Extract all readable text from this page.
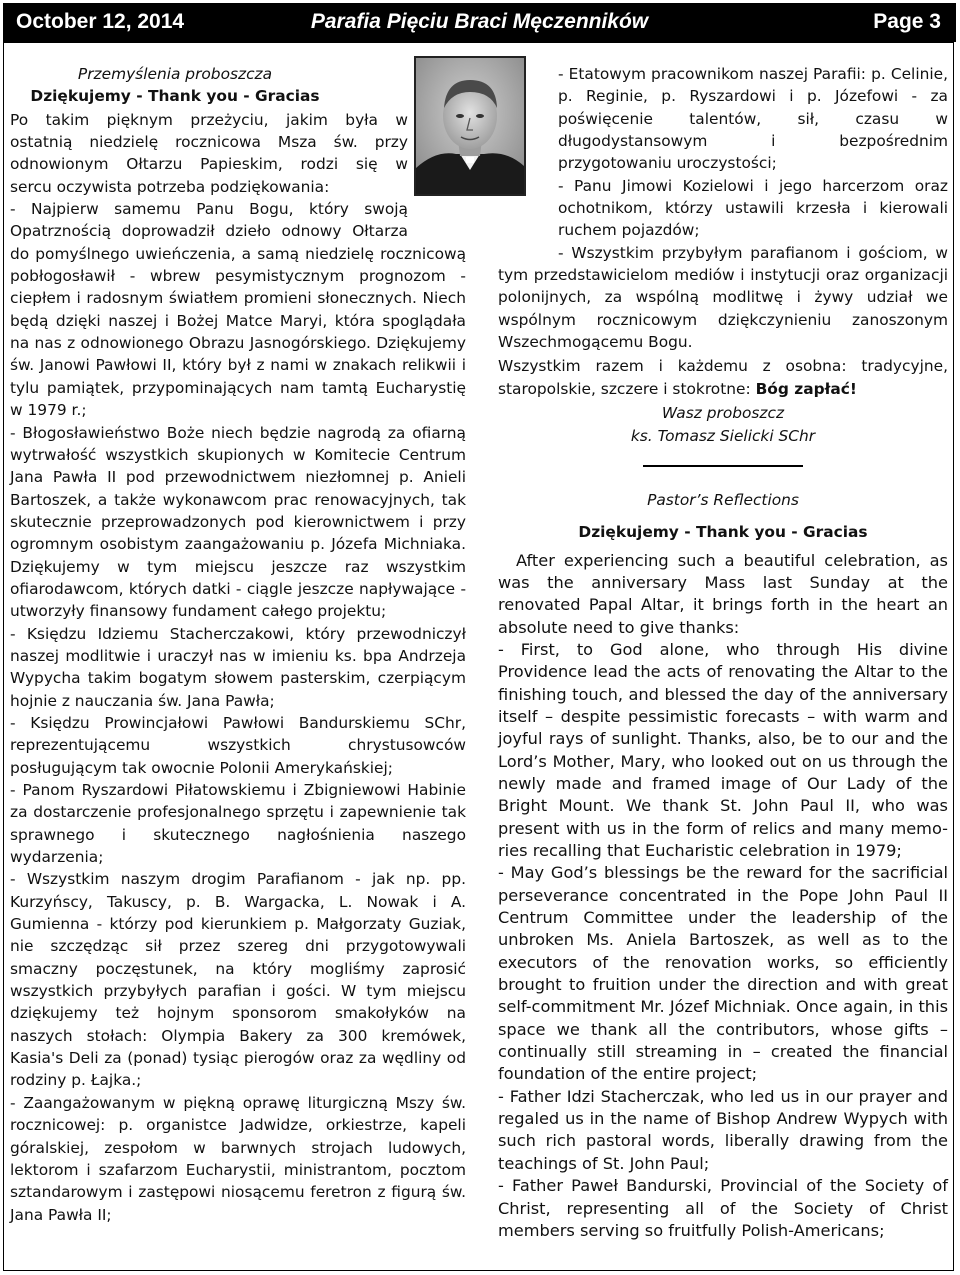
Parafia Pięciu Braci Męczenników
October 12, 2014	Page 3

Przemyślenia proboszcza

Dziękujemy - Thank you - Gracias

Po takim pięknym przeżyciu, jakim była w
ostatnią niedzielę rocznicowa Msza św. przy
odnowionym Ołtarzu Papieskim, rodzi się w
sercu oczywista potrzeba podziękowania:
- Najpierw samemu Panu Bogu, który swoją

Opatrznością doprowadził dzieło odnowy Ołtarza

do pomyślnego uwieńczenia, a samą niedzielę rocznicową pobłogosławił - wbrew pesymistycznym prognozom - ciepłem i radosnym światłem promieni słonecznych. Niech będą dzięki naszej i Bożej Matce Maryi, która spoglądała na nas z odnowionego Obrazu Jasnogórskiego. Dziękujemy św. Janowi Pawłowi II, który był z nami w znakach relikwii i tylu pamiątek, przypominających nam tamtą Eucharystię w 1979 r.;

- Błogosławieństwo Boże niech będzie nagrodą za ofiarną wytrwałość wszystkich skupionych w Komitecie Centrum Jana Pawła II pod przewodnictwem niezłomnej p. Anieli Bartoszek, a także wykonawcom prac renowacyjnych, tak skutecznie przeprowadzonych pod kierownictwem i przy ogromnym osobistym zaangażowaniu p. Józefa Michniaka. Dziękujemy w tym miejscu jeszcze raz wszystkim ofiarodawcom, których datki - ciągle jeszcze napływające - utworzyły finansowy fundament całego projektu;

- Księdzu Idziemu Stacherczakowi, który przewodniczył naszej modlitwie i uraczył nas w imieniu ks. bpa Andrzeja Wypycha takim bogatym słowem pasterskim, czerpiącym hojnie z nauczania św. Jana Pawła;

- Księdzu Prowincjałowi Pawłowi Bandurskiemu SChr, reprezentującemu wszystkich chrystusowców posługującym tak owocnie Polonii Amerykańskiej;

- Panom Ryszardowi Piłatowskiemu i Zbigniewowi Habinie za dostarczenie profesjonalnego sprzętu i zapewnienie tak sprawnego i skutecznego nagłośnienia naszego wydarzenia;

- Wszystkim naszym drogim Parafianom - jak np. pp. Kurzyńscy, Takuscy, p. B. Wargacka, L. Nowak i A. Gumienna - którzy pod kierunkiem p. Małgorzaty Guziak, nie szczędząc sił przez szereg dni przygotowywali smaczny poczęstunek, na który mogliśmy zaprosić wszystkich przybyłych parafian i gości. W tym miejscu dziękujemy też hojnym sponsorom smakołyków na naszych stołach: Olympia Bakery za 300 kremówek, Kasia's Deli za (ponad) tysiąc pierogów oraz za wędliny od rodziny p. Łajka.;

- Zaangażowanym w piękną oprawę liturgiczną Mszy św. rocznicowej: p. organistce Jadwidze, orkiestrze, kapeli góralskiej, zespołom w barwnych strojach ludowych, lektorom i szafarzom Eucharystii, ministrantom, pocztom sztandarowym i zastępowi niosącemu feretron z figurą św. Jana Pawła II;

- Etatowym pracownikom naszej Parafii: p. Celinie, p. Reginie, p. Ryszardowi i p. Józefowi - za poświęcenie talentów, sił, czasu w długodystansowym i bezpośrednim przygotowaniu uroczystości;

- Panu Jimowi Kozielowi i jego harcerzom oraz ochotnikom, którzy ustawili krzesła i kierowali ruchem pojazdów;

- Wszystkim przybyłym parafianom i gościom, w tym przedstawicielom mediów i instytucji oraz organizacji polonijnych, za wspólną modlitwę i żywy udział we wspólnym rocznicowym dziękczynieniu zanoszonym Wszechmogącemu Bogu.

Wszystkim razem i każdemu z osobna: tradycyjne, staropolskie, szczere i stokrotne: Bóg zapłać!

Wasz proboszcz

ks. Tomasz Sielicki SChr

Pastor’s Reflections

Dziękujemy - Thank you - Gracias

After experiencing such a beautiful celebration, as was the anniversary Mass last Sunday at the renovated Papal Altar, it brings forth in the heart an absolute need to give thanks:

- First, to God alone, who through His divine Providence lead the acts of renovating the Altar to the finishing touch, and blessed the day of the anniversary itself – despite pessimistic forecasts – with warm and joyful rays of sunlight. Thanks, also, be to our and the Lord’s Mother, Mary, who looked out on us through the newly made and framed image of Our Lady of the Bright Mount. We thank St. John Paul II, who was present with us in the form of relics and many memo-ries recalling that Eucharistic celebration in 1979;

- May God’s blessings be the reward for the sacrificial perseverance concentrated in the Pope John Paul II Centrum Committee under the leadership of the unbroken Ms. Aniela Bartoszek, as well as to the executors of the renovation works, so efficiently brought to fruition under the direction and with great self-commitment Mr. Józef Michniak. Once again, in this space we thank all the contributors, whose gifts – continually still streaming in – created the financial foundation of the entire project;

- Father Idzi Stacherczak, who led us in our prayer and regaled us in the name of Bishop Andrew Wypych with such rich pastoral words, liberally drawing from the teachings of St. John Paul;

- Father Paweł Bandurski, Provincial of the Society of Christ, representing all of the Society of Christ members serving so fruitfully Polish-Americans;
